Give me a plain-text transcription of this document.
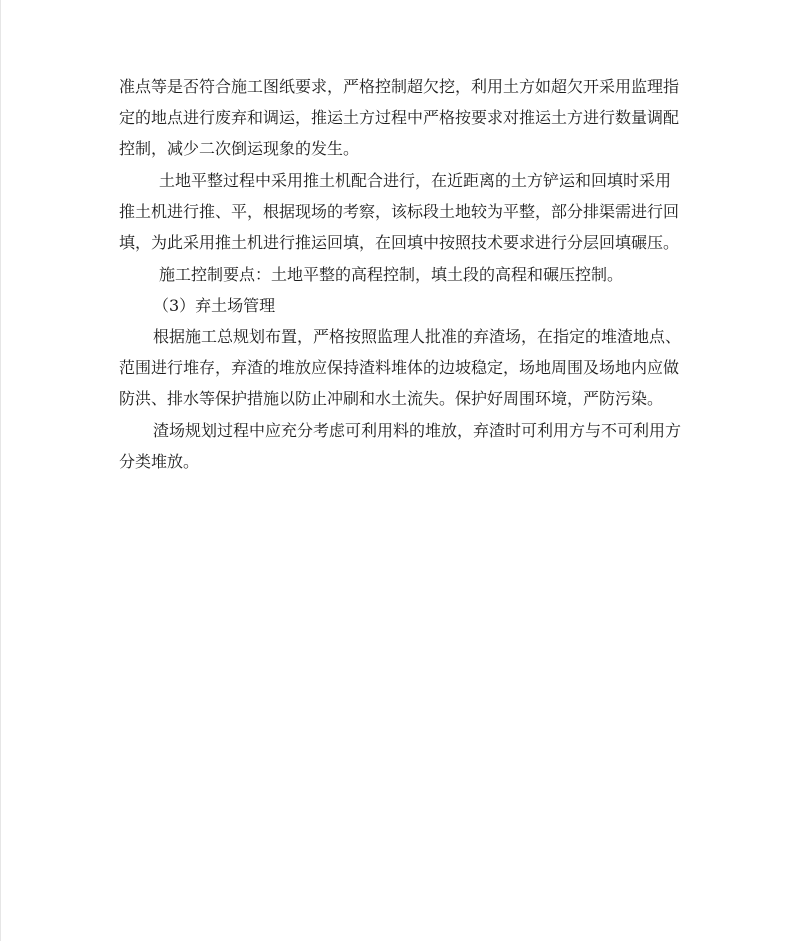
准点等是否符合施工图纸要求，严格控制超欠挖，利用土方如超欠开采用监理指

定的地点进行废弃和调运，推运土方过程中严格按要求对推运土方进行数量调配

控制，减少二次倒运现象的发生。

土地平整过程中采用推土机配合进行，在近距离的土方铲运和回填时采用

推土机进行推、平，根据现场的考察，该标段土地较为平整，部分排渠需进行回

填，为此采用推土机进行推运回填，在回填中按照技术要求进行分层回填碾压。

施工控制要点：土地平整的高程控制，填土段的高程和碾压控制。

（3）弃土场管理

根据施工总规划布置，严格按照监理人批准的弃渣场，在指定的堆渣地点、

范围进行堆存，弃渣的堆放应保持渣料堆体的边坡稳定，场地周围及场地内应做

防洪、排水等保护措施以防止冲刷和水土流失。保护好周围环境，严防污染。

渣场规划过程中应充分考虑可利用料的堆放，弃渣时可利用方与不可利用方

分类堆放。
